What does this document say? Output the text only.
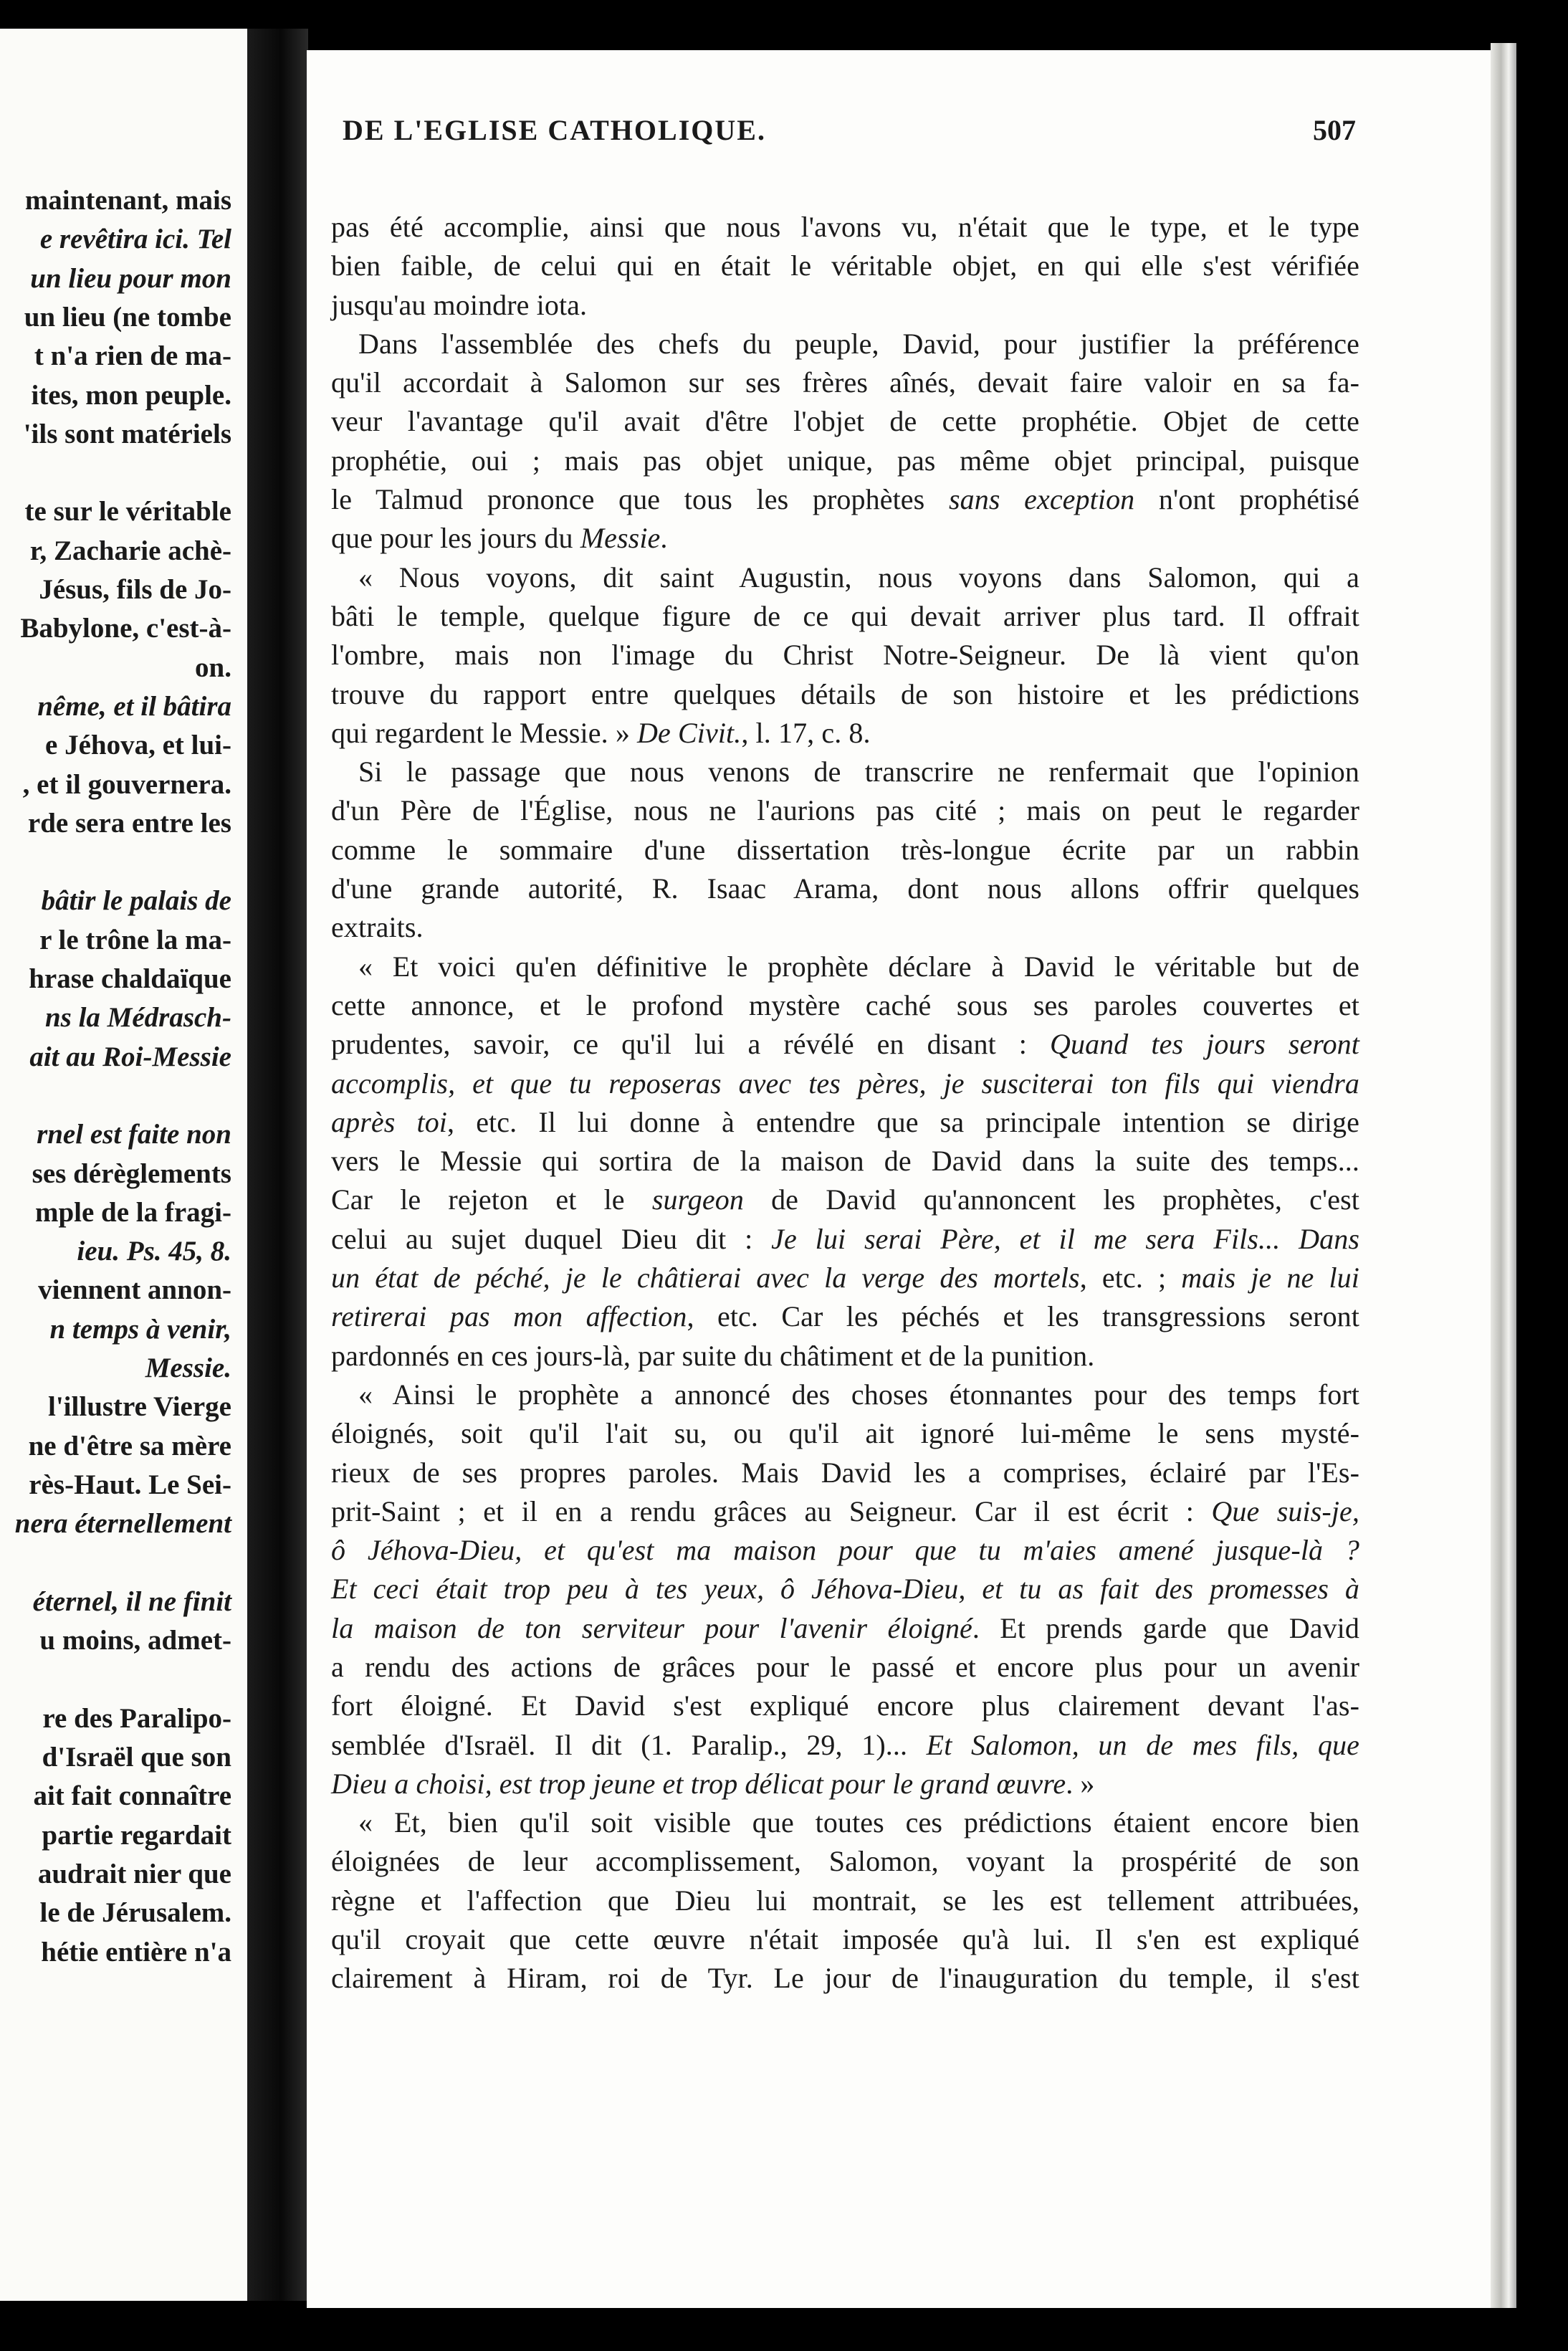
maintenant, mais
e revêtira ici. Tel
un lieu pour mon
un lieu (ne tombe
t n'a rien de ma-
ites, mon peuple.
'ils sont matériels
te sur le véritable
r, Zacharie achè-
Jésus, fils de Jo-
Babylone, c'est-à-
on.
nême, et il bâtira
e Jéhova, et lui-
, et il gouvernera.
rde sera entre les
bâtir le palais de
r le trône la ma-
hrase chaldaïque
ns la Médrasch-
ait au Roi-Messie
rnel est faite non
ses dérèglements
mple de la fragi-
ieu. Ps. 45, 8.
viennent annon-
n temps à venir,
Messie.
l'illustre Vierge
ne d'être sa mère
rès-Haut. Le Sei-
nera éternellement
éternel, il ne finit
u moins, admet-
re des Paralipo-
d'Israël que son
ait fait connaître
partie regardait
audrait nier que
le de Jérusalem.
hétie entière n'a
DE L'EGLISE CATHOLIQUE.	507
pas été accomplie, ainsi que nous l'avons vu, n'était que le type, et le type
bien faible, de celui qui en était le véritable objet, en qui elle s'est vérifiée
jusqu'au moindre iota.
Dans l'assemblée des chefs du peuple, David, pour justifier la préférence
qu'il accordait à Salomon sur ses frères aînés, devait faire valoir en sa fa-
veur l'avantage qu'il avait d'être l'objet de cette prophétie. Objet de cette
prophétie, oui ; mais pas objet unique, pas même objet principal, puisque
le Talmud prononce que tous les prophètes sans exception n'ont prophétisé
que pour les jours du Messie.
« Nous voyons, dit saint Augustin, nous voyons dans Salomon, qui a
bâti le temple, quelque figure de ce qui devait arriver plus tard. Il offrait
l'ombre, mais non l'image du Christ Notre-Seigneur. De là vient qu'on
trouve du rapport entre quelques détails de son histoire et les prédictions
qui regardent le Messie. » De Civit., l. 17, c. 8.
Si le passage que nous venons de transcrire ne renfermait que l'opinion
d'un Père de l'Église, nous ne l'aurions pas cité ; mais on peut le regarder
comme le sommaire d'une dissertation très-longue écrite par un rabbin
d'une grande autorité, R. Isaac Arama, dont nous allons offrir quelques
extraits.
« Et voici qu'en définitive le prophète déclare à David le véritable but de
cette annonce, et le profond mystère caché sous ses paroles couvertes et
prudentes, savoir, ce qu'il lui a révélé en disant : Quand tes jours seront
accomplis, et que tu reposeras avec tes pères, je susciterai ton fils qui viendra
après toi, etc. Il lui donne à entendre que sa principale intention se dirige
vers le Messie qui sortira de la maison de David dans la suite des temps...
Car le rejeton et le surgeon de David qu'annoncent les prophètes, c'est
celui au sujet duquel Dieu dit : Je lui serai Père, et il me sera Fils... Dans
un état de péché, je le châtierai avec la verge des mortels, etc. ; mais je ne lui
retirerai pas mon affection, etc. Car les péchés et les transgressions seront
pardonnés en ces jours-là, par suite du châtiment et de la punition.
« Ainsi le prophète a annoncé des choses étonnantes pour des temps fort
éloignés, soit qu'il l'ait su, ou qu'il ait ignoré lui-même le sens mysté-
rieux de ses propres paroles. Mais David les a comprises, éclairé par l'Es-
prit-Saint ; et il en a rendu grâces au Seigneur. Car il est écrit : Que suis-je,
ô Jéhova-Dieu, et qu'est ma maison pour que tu m'aies amené jusque-là ?
Et ceci était trop peu à tes yeux, ô Jéhova-Dieu, et tu as fait des promesses à
la maison de ton serviteur pour l'avenir éloigné. Et prends garde que David
a rendu des actions de grâces pour le passé et encore plus pour un avenir
fort éloigné. Et David s'est expliqué encore plus clairement devant l'as-
semblée d'Israël. Il dit (1. Paralip., 29, 1)... Et Salomon, un de mes fils, que
Dieu a choisi, est trop jeune et trop délicat pour le grand œuvre. »
« Et, bien qu'il soit visible que toutes ces prédictions étaient encore bien
éloignées de leur accomplissement, Salomon, voyant la prospérité de son
règne et l'affection que Dieu lui montrait, se les est tellement attribuées,
qu'il croyait que cette œuvre n'était imposée qu'à lui. Il s'en est expliqué
clairement à Hiram, roi de Tyr. Le jour de l'inauguration du temple, il s'est
